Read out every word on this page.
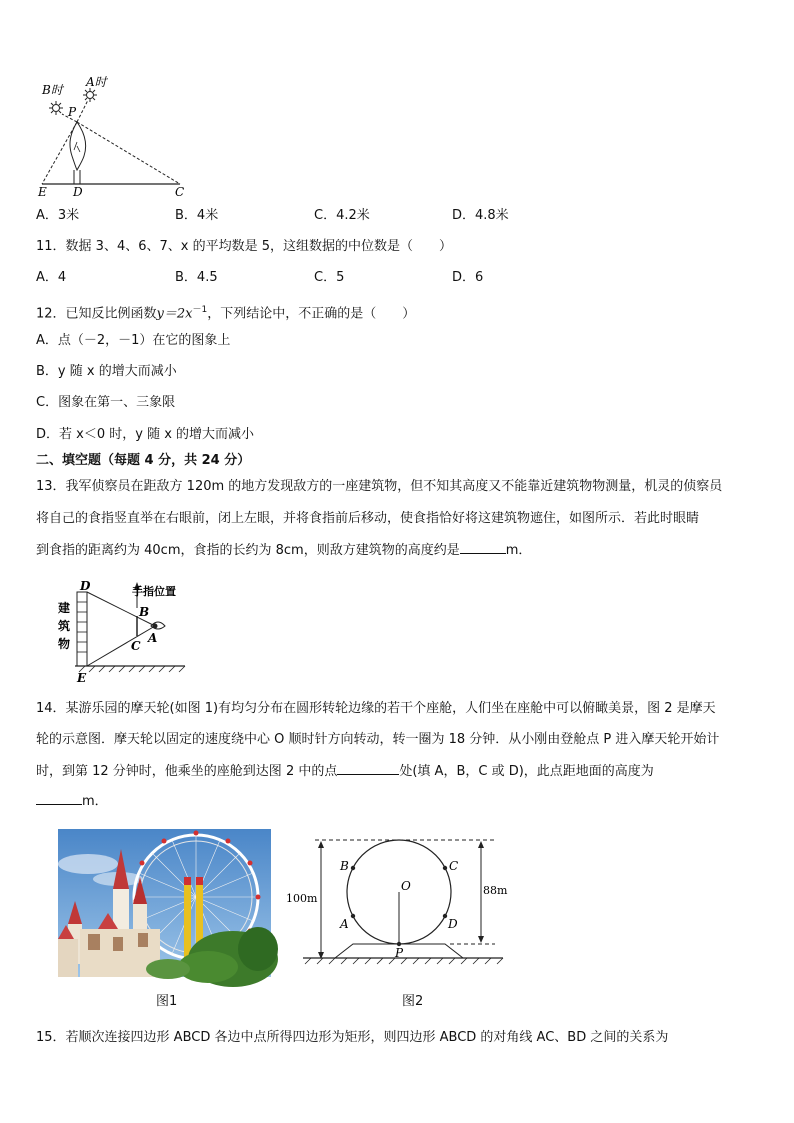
B时
A时
P
E D	C
A．3米	B．4米	C．4.2米	D．4.8米
11．数据 3、4、6、7、x 的平均数是 5，这组数据的中位数是（　　）
A．4	B．4.5	C．5	D．6
12．已知反比例函数$y=2x^{-1}$，下列结论中，不正确的是（　　）
A．点（－2，－1）在它的图象上
B．y 随 x 的增大而减小
C．图象在第一、三象限
D．若 x＜0 时，y 随 x 的增大而减小
二、填空题（每题 4 分，共 24 分）
13．我军侦察员在距敌方 120m 的地方发现敌方的一座建筑物，但不知其高度又不能靠近建筑物物测量，机灵的侦察员
将自己的食指竖直举在右眼前，闭上左眼，并将食指前后移动，使食指恰好将这建筑物遮住，如图所示．若此时眼睛
到食指的距离约为 40cm，食指的长约为 8cm，则敌方建筑物的高度约是	m．
建
筑
物
手指位置
D
E
B
C
A
14．某游乐园的摩天轮(如图 1)有均匀分布在圆形转轮边缘的若干个座舱，人们坐在座舱中可以俯瞰美景，图 2 是摩天
轮的示意图．摩天轮以固定的速度绕中心 O 顺时针方向转动，转一圈为 18 分钟．从小刚由登舱点 P 进入摩天轮开始计
时，到第 12 分钟时，他乘坐的座舱到达图 2 中的点	处(填 A，B，C 或 D)，此点距地面的高度为
m．
100m
88m
O
B	C
A	D
P
图1	图2
15．若顺次连接四边形 ABCD 各边中点所得四边形为矩形，则四边形 ABCD 的对角线 AC、BD 之间的关系为
